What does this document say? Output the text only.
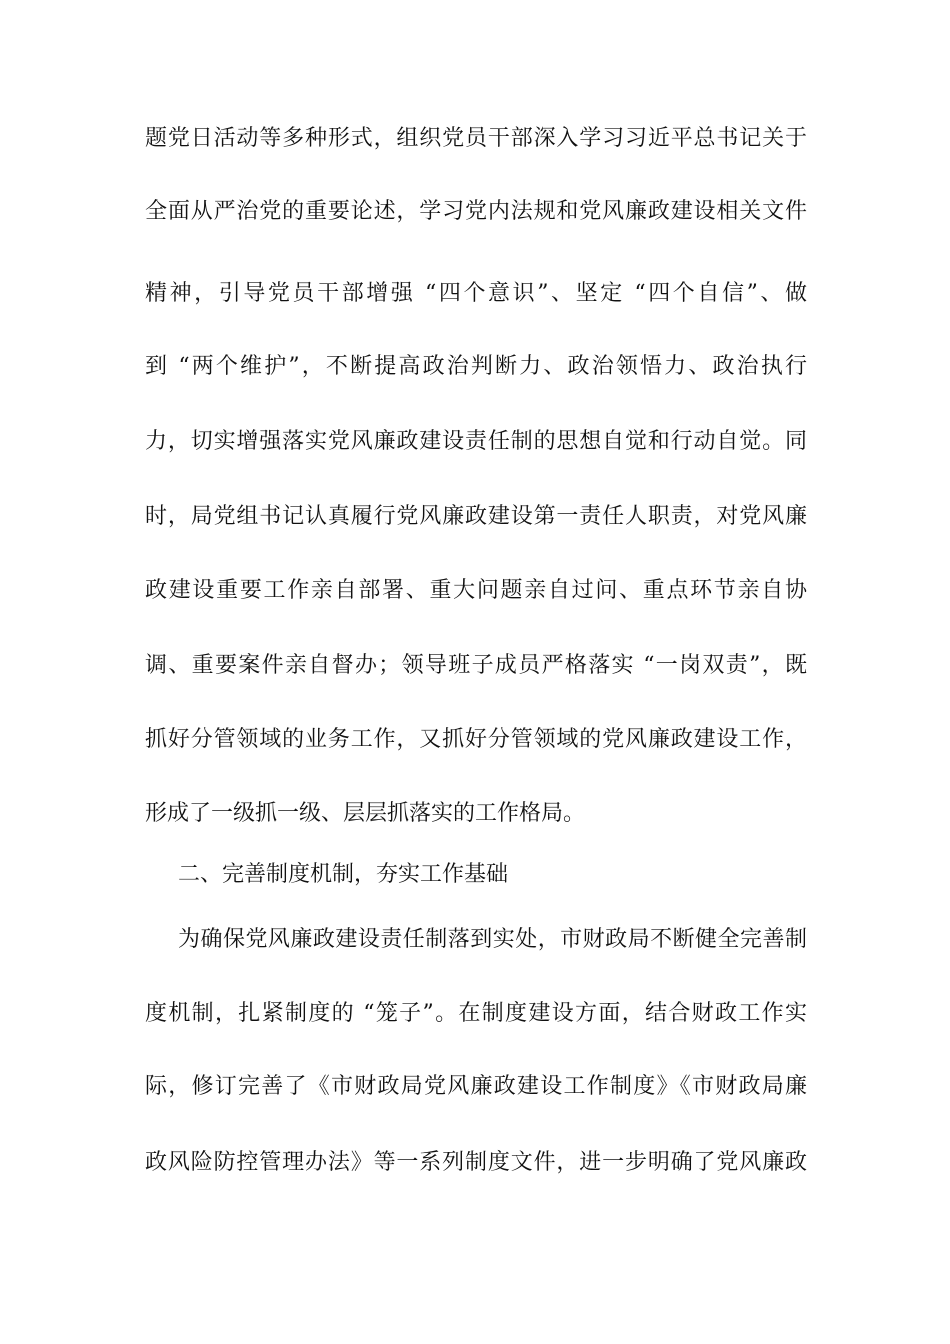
题党日活动等多种形式，组织党员干部深入学习习近平总书记关于
全面从严治党的重要论述，学习党内法规和党风廉政建设相关文件
精神，引导党员干部增强 “四个意识”、坚定 “四个自信”、做
到 “两个维护”，不断提高政治判断力、政治领悟力、政治执行
力，切实增强落实党风廉政建设责任制的思想自觉和行动自觉。同
时，局党组书记认真履行党风廉政建设第一责任人职责，对党风廉
政建设重要工作亲自部署、重大问题亲自过问、重点环节亲自协
调、重要案件亲自督办；领导班子成员严格落实 “一岗双责”，既
抓好分管领域的业务工作，又抓好分管领域的党风廉政建设工作，
形成了一级抓一级、层层抓落实的工作格局。
二、完善制度机制，夯实工作基础
为确保党风廉政建设责任制落到实处，市财政局不断健全完善制
度机制，扎紧制度的 “笼子”。在制度建设方面，结合财政工作实
际，修订完善了《市财政局党风廉政建设工作制度》《市财政局廉
政风险防控管理办法》等一系列制度文件，进一步明确了党风廉政
